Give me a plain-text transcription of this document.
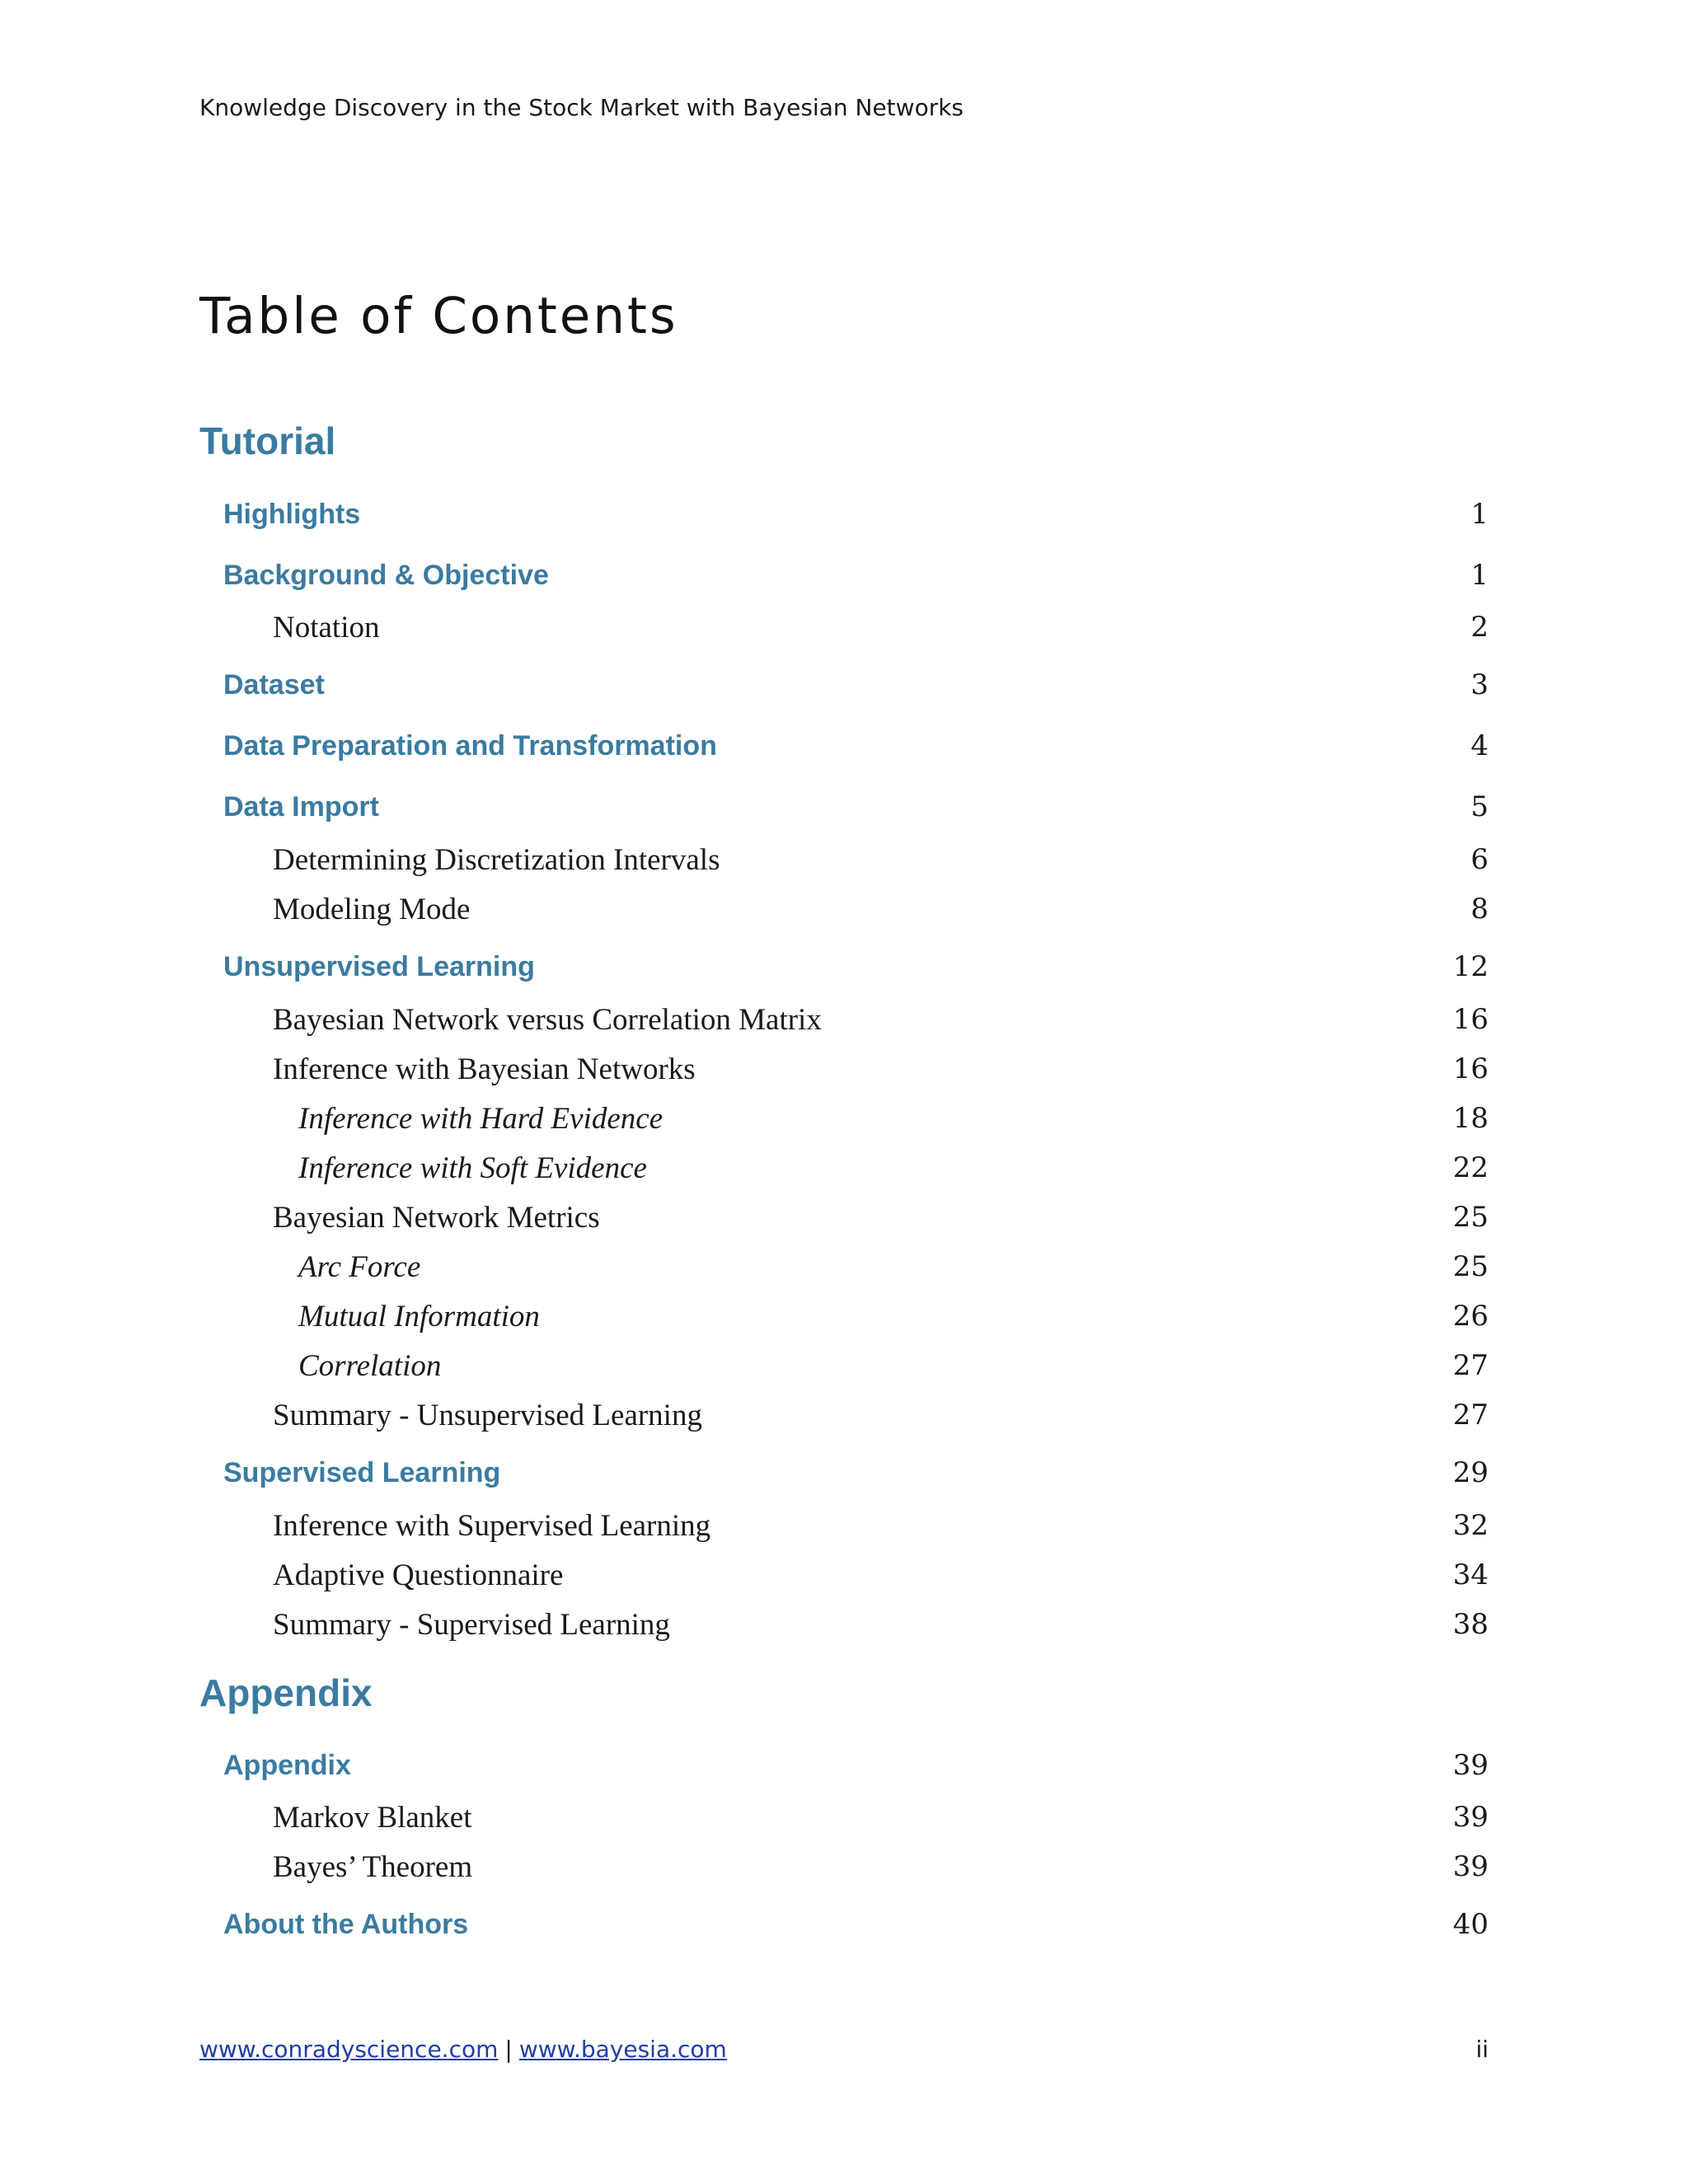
Knowledge Discovery in the Stock Market with Bayesian Networks
Table of Contents
Tutorial
Highlights	1
Background & Objective	1
Notation	2
Dataset	3
Data Preparation and Transformation	4
Data Import	5
Determining Discretization Intervals	6
Modeling Mode	8
Unsupervised Learning	12
Bayesian Network versus Correlation Matrix	16
Inference with Bayesian Networks	16
Inference with Hard Evidence	18
Inference with Soft Evidence	22
Bayesian Network Metrics	25
Arc Force	25
Mutual Information	26
Correlation	27
Summary - Unsupervised Learning	27
Supervised Learning	29
Inference with Supervised Learning	32
Adaptive Questionnaire	34
Summary - Supervised Learning	38
Appendix
Appendix	39
Markov Blanket	39
Bayes’ Theorem	39
About the Authors	40
www.conradyscience.com | www.bayesia.com	ii
